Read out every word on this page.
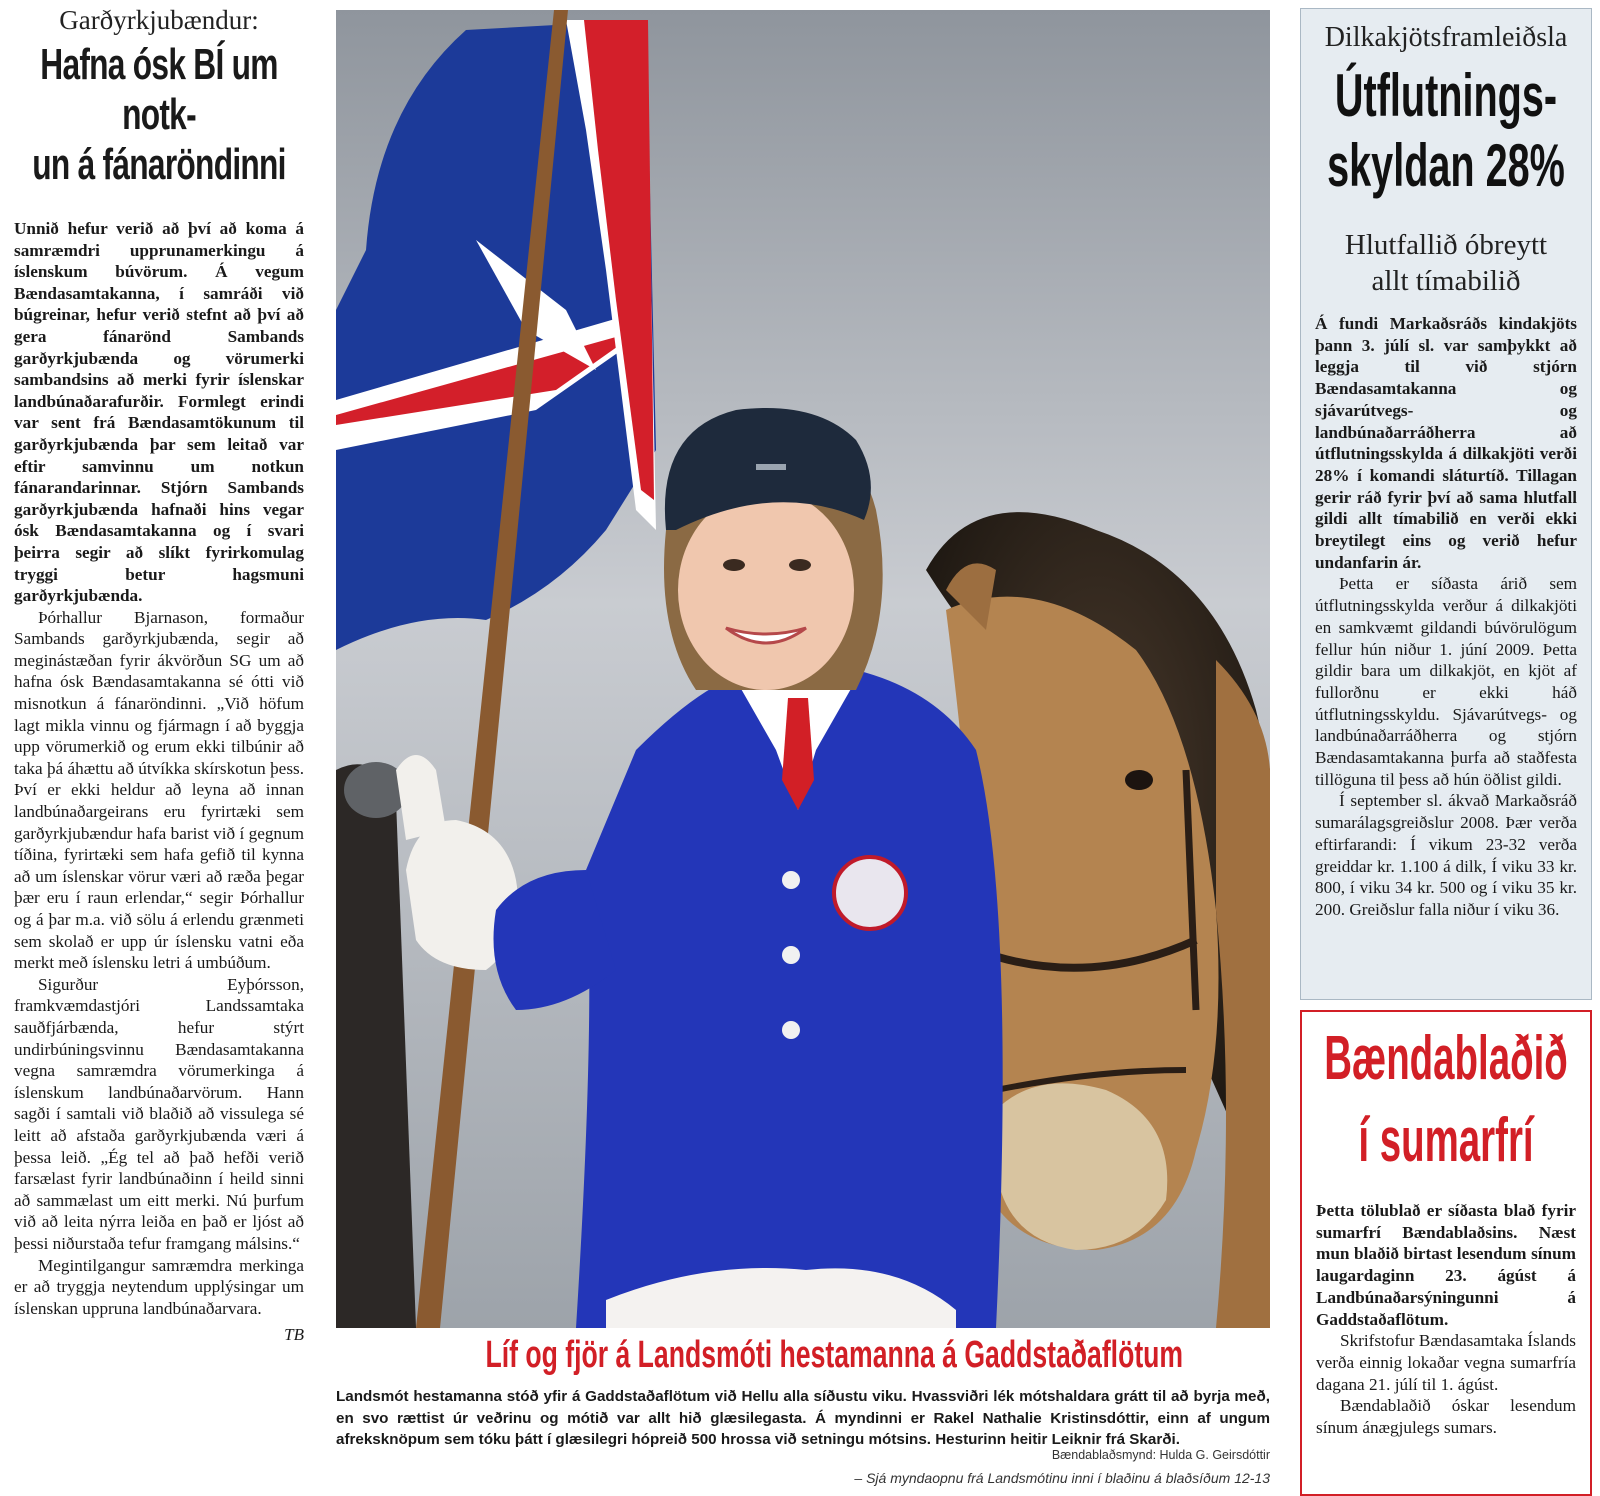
Garðyrkjubændur:
Hafna ósk BÍ um notk-
un á fánaröndinni

Unnið hefur verið að því að koma á samræmdri upprunamerkingu á íslenskum búvörum. Á vegum Bændasamtakanna, í samráði við búgreinar, hefur verið stefnt að því að gera fánarönd Sambands garðyrkjubænda og vörumerki sambandsins að merki fyrir íslenskar landbúnaðarafurðir. Formlegt erindi var sent frá Bændasamtökunum til garðyrkjubænda þar sem leitað var eftir samvinnu um notkun fánarandarinnar. Stjórn Sambands garðyrkjubænda hafnaði hins vegar ósk Bændasamtakanna og í svari þeirra segir að slíkt fyrirkomulag tryggi betur hagsmuni garðyrkjubænda.

Þórhallur Bjarnason, formaður Sambands garðyrkjubænda, segir að meginástæðan fyrir ákvörðun SG um að hafna ósk Bændasamtakanna sé ótti við misnotkun á fánaröndinni. „Við höfum lagt mikla vinnu og fjármagn í að byggja upp vörumerkið og erum ekki tilbúnir að taka þá áhættu að útvíkka skírskotun þess. Því er ekki heldur að leyna að innan landbúnaðargeirans eru fyrirtæki sem garðyrkjubændur hafa barist við í gegnum tíðina, fyrirtæki sem hafa gefið til kynna að um íslenskar vörur væri að ræða þegar þær eru í raun erlendar,“ segir Þórhallur og á þar m.a. við sölu á erlendu grænmeti sem skolað er upp úr íslensku vatni eða merkt með íslensku letri á umbúðum.

Sigurður Eyþórsson, framkvæmdastjóri Landssamtaka sauðfjárbænda, hefur stýrt undirbúningsvinnu Bændasamtakanna vegna samræmdra vörumerkinga á íslenskum landbúnaðarvörum. Hann sagði í samtali við blaðið að vissulega sé leitt að afstaða garðyrkjubænda væri á þessa leið. „Ég tel að það hefði verið farsælast fyrir landbúnaðinn í heild sinni að sammælast um eitt merki. Nú þurfum við að leita nýrra leiða en það er ljóst að þessi niðurstaða tefur framgang málsins.“

Megintilgangur samræmdra merkinga er að tryggja neytendum upplýsingar um íslenskan uppruna landbúnaðarvara.

TB	Líf og fjör á Landsmóti hestamanna á Gaddstaðaflötum

Landsmót hestamanna stóð yfir á Gaddstaðaflötum við Hellu alla síðustu viku. Hvassviðri lék mótshaldara grátt til að byrja með, en svo rættist úr veðrinu og mótið var allt hið glæsilegasta. Á myndinni er Rakel Nathalie Kristinsdóttir, einn af ungum afreksknöpum sem tóku þátt í glæsilegri hópreið 500 hrossa við setningu mótsins. Hesturinn heitir Leiknir frá Skarði.

Bændablaðsmynd: Hulda G. Geirsdóttir
– Sjá myndaopnu frá Landsmótinu inni í blaðinu á blaðsíðum 12-13
Dilkakjötsframleiðsla
Útflutnings-
skyldan 28%
Hlutfallið óbreytt
allt tímabilið

Á fundi Markaðsráðs kindakjöts þann 3. júlí sl. var samþykkt að leggja til við stjórn Bændasamtakanna og sjávarútvegs- og landbúnaðarráðherra að útflutningsskylda á dilkakjöti verði 28% í komandi sláturtíð. Tillagan gerir ráð fyrir því að sama hlutfall gildi allt tímabilið en verði ekki breytilegt eins og verið hefur undanfarin ár.

Þetta er síðasta árið sem útflutningsskylda verður á dilkakjöti en samkvæmt gildandi búvörulögum fellur hún niður 1. júní 2009. Þetta gildir bara um dilkakjöt, en kjöt af fullorðnu er ekki háð útflutningsskyldu. Sjávarútvegs- og landbúnaðarráðherra og stjórn Bændasamtakanna þurfa að staðfesta tillöguna til þess að hún öðlist gildi.

Í september sl. ákvað Markaðsráð sumarálagsgreiðslur 2008. Þær verða eftirfarandi: Í vikum 23-32 verða greiddar kr. 1.100 á dilk, Í viku 33 kr. 800, í viku 34 kr. 500 og í viku 35 kr. 200. Greiðslur falla niður í viku 36.

Bændablaðið
í sumarfrí

Þetta tölublað er síðasta blað fyrir sumarfrí Bændablaðsins. Næst mun blaðið birtast lesendum sínum laugardaginn 23. ágúst á Landbúnaðarsýningunni á Gaddstaðaflötum.

Skrifstofur Bændasamtaka Íslands verða einnig lokaðar vegna sumarfría dagana 21. júlí til 1. ágúst.

Bændablaðið óskar lesendum sínum ánægjulegs sumars.
